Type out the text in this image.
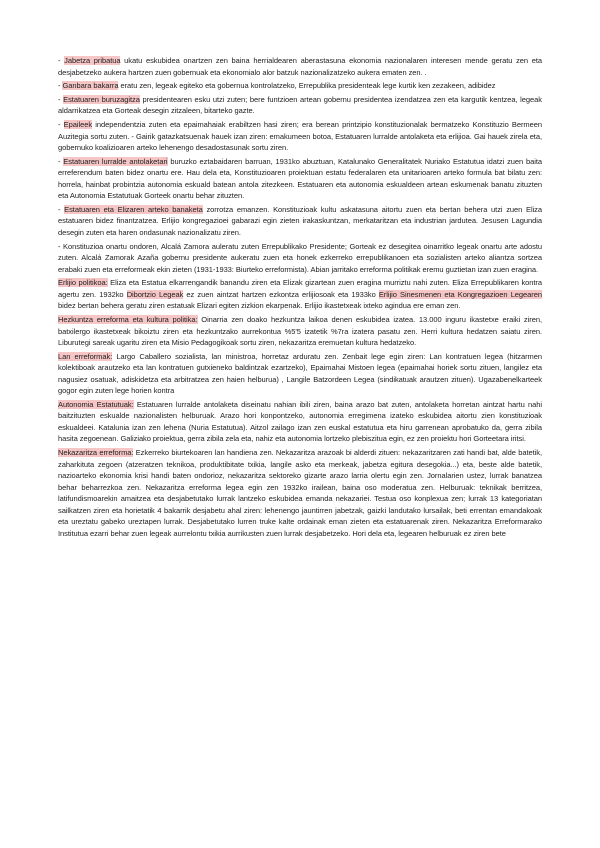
- Jabetza pribatua ukatu eskubidea onartzen zen baina herrialdearen aberastasuna ekonomia nazionalaren interesen mende geratu zen eta desjabetzeko aukera hartzen zuen gobernuak eta ekonomialo alor batzuk nazionalizatzeko aukera ematen zen. .

- Ganbara bakarra eratu zen, legeak egiteko eta gobernua kontrolatzeko, Errepublika presidenteak lege kurtik ken zezakeen, adibidez

- Estatuaren buruzagitza presidentearen esku utzi zuten; bere funtzioen artean gobernu presidentea izendatzea zen eta kargutik kentzea, legeak aldarrikatzea eta Gorteak desegin zitzaleen, bitarteko gazte.

- Epaileek independentzia zuten eta epaimahaiak erabiltzen hasi ziren; era berean printzipio konstituzionalak bermatzeko Konstituzio Bermeen Auzitegia sortu zuten. - Gairik gatazkatsuenak hauek izan ziren: emakumeen botoa, Estatuaren lurralde antolaketa eta erlijioa. Gai hauek zirela eta, gobernuko koalizioaren arteko lehenengo desadostasunak sortu ziren.

- Estatuaren lurralde antolaketari buruzko eztabaidaren barruan, 1931ko abuztuan, Katalunako Generalitatek Nuriako Estatutua idatzi zuen baita erreferendum baten bidez onartu ere. Hau dela eta, Konstituzioaren proiektuan estatu federalaren eta unitarioaren arteko formula bat bilatu zen: horrela, hainbat probintzia autonomia eskuald batean antola zitezkeen. Estatuaren eta autonomia eskualdeen artean eskumenak banatu zituzten eta Autonomia Estatutuak Gorteek onartu behar zituzten.

- Estatuaren eta Elizaren arteko banaketa zorrotza emanzen. Konstituzioak kultu askatasuna aitortu zuen eta bertan behera utzi zuen Eliza estatuaren bidez finantzatzea. Erlijio kongregazioei gabarazi egin zieten irakaskuntzan, merkataritzan eta industrian jardutea. Jesusen Lagundia desegin zuten eta haren ondasunak nazionalizatu ziren.

- Konstituzioa onartu ondoren, Alcalá Zamora auleratu zuten Errepublikako Presidente; Gorteak ez desegitea oinarritko legeak onartu arte adostu zuten. Alcalá Zamorak Azaña gobernu presidente aukeratu zuen eta honek ezkerreko errepublikanoen eta sozialisten arteko aliantza sortzea erabaki zuen eta erreformeak ekin zieten (1931-1933: Biurteko erreformista). Abian jarritako erreforma politikak eremu guztietan izan zuen eragina.

Erlijio politikoa: Eliza eta Estatua elkarrengandik banandu ziren eta Elizak gizartean zuen eragina murriztu nahi zuten. Eliza Errepublikaren kontra agertu zen. 1932ko Dibortzio Legeak ez zuen aintzat hartzen ezkontza erlijiosoak eta 1933ko Erlijio Sinesmenen eta Kongregazioen Legearen bidez bertan behera geratu ziren estatuak Elizari egiten zizkion ekarpenak. Erlijio ikastetxeak ixteko agindua ere eman zen.

Hezkuntza erreforma eta kultura politika: Oinarria zen doako hezkuntza laikoa denen eskubidea izatea. 13.000 inguru ikastetxe eraiki ziren, batxilergo ikastetxeak bikoiztu ziren eta hezkuntzako aurrekontua %5'5 izatetik %7ra izatera pasatu zen. Herri kultura hedatzen saiatu ziren. Liburutegi sareak ugaritu ziren eta Misio Pedagogikoak sortu ziren, nekazaritza eremuetan kultura hedatzeko.

Lan erreformak: Largo Caballero sozialista, lan ministroa, horretaz arduratu zen. Zenbait lege egin ziren: Lan kontratuen legea (hitzarmen kolektiboak arautzeko eta lan kontratuen gutxieneko baldintzak ezartzeko), Epaimahai Mistoen legea (epaimahai horiek sortu zituen, langilez eta nagusiez osatuak, adiskidetza eta arbitratzea zen haien helburua) , Langile Batzordeen Legea (sindikatuak arautzen zituen). Ugazabenelkarteek gogor egin zuten lege horien kontra

Autonomia Estatutuak: Estatuaren lurralde antolaketa diseinatu nahian ibili ziren, baina arazo bat zuten, antolaketa horretan aintzat hartu nahi baitzituzten eskualde nazionalisten helburuak. Arazo hori konpontzeko, autonomia erregimena izateko eskubidea aitortu zien konstituzioak eskualdeei. Katalunia izan zen lehena (Nuria Estatutua). Aitzol zailago izan zen euskal estatutua eta hiru garrenean aprobatuko da, gerra zibila hasita zegoenean. Galiziako proiektua, gerra zibila zela eta, nahiz eta autonomia lortzeko plebiszitua egin, ez zen proiektu hori Gorteetara iritsi.

Nekazaritza erreforma: Ezkerreko biurtekoaren lan handiena zen. Nekazaritza arazoak bi alderdi zituen: nekazaritzaren zati handi bat, alde batetik, zaharkituta zegoen (atzeratzen teknikoa, produktibitate txikia, langile asko eta merkeak, jabetza egitura desegokia...) eta, beste alde batetik, nazioarteko ekonomia krisi handi baten ondorioz, nekazaritza sektoreko gizarte arazo larria olertu egin zen. Jornalarien ustez, lurrak banatzea behar beharrezkoa zen. Nekazaritza erreforma legea egin zen 1932ko irailean, baina oso moderatua zen. Helburuak: teknikak berritzea, latifundismoarekin amaitzea eta desjabetutako lurrak lantzeko eskubidea emanda nekazariei. Testua oso konplexua zen; lurrak 13 kategoriatan sailkatzen ziren eta horietatik 4 bakarrik desjabetu ahal ziren: lehenengo jauntirren jabetzak, gaizki landutako lursailak, beti errentan emandakoak eta ureztatu gabeko ureztapen lurrak. Desjabetutako lurren truke kalte ordainak eman zieten eta estatuarenak ziren. Nekazaritza Erreformarako Institutua ezarri behar zuen legeak aurrelontu txikia aurrikusten zuen lurrak desjabetzeko. Hori dela eta, legearen helburuak ez ziren bete
